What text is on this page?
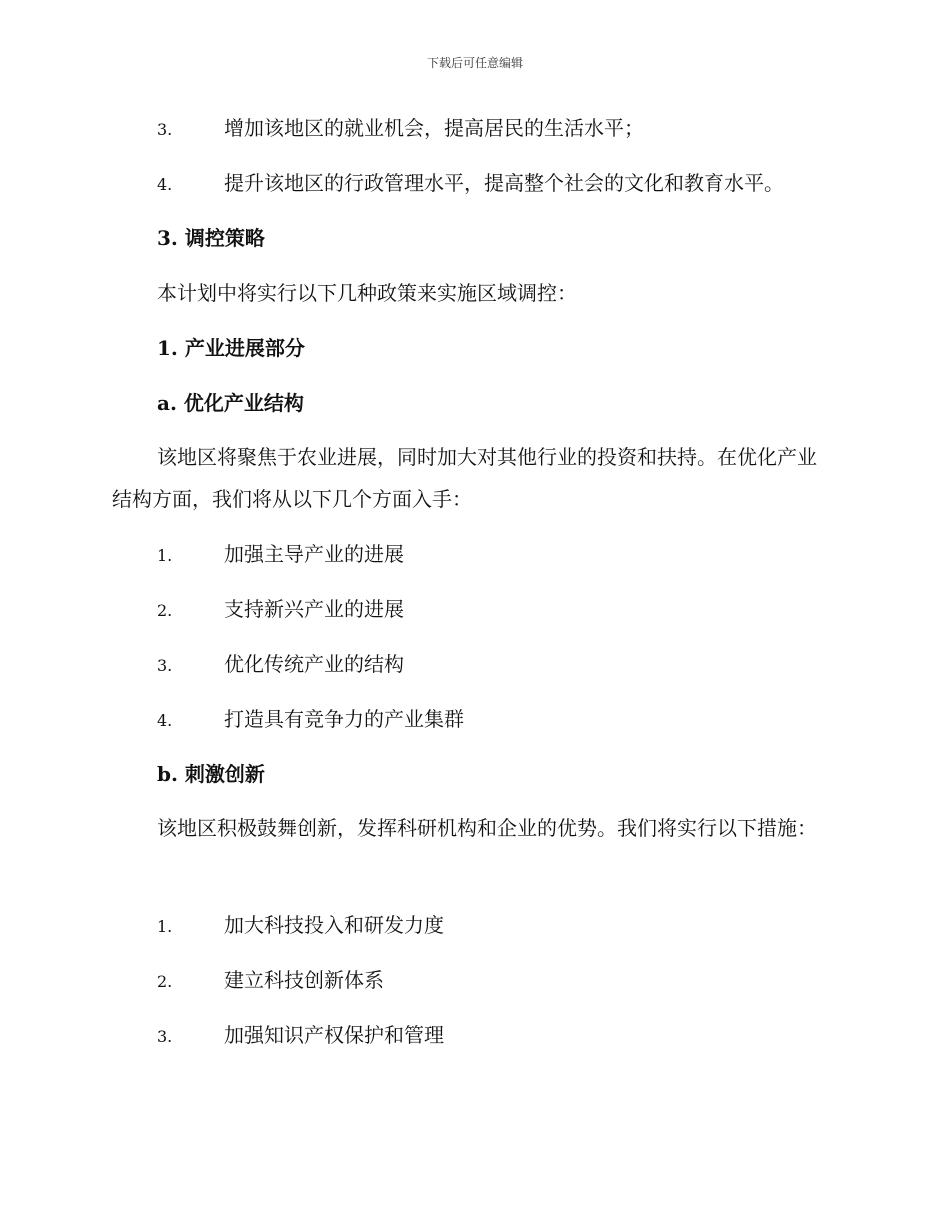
下载后可任意编辑
3.	增加该地区的就业机会，提高居民的生活水平；
4.	提升该地区的行政管理水平，提高整个社会的文化和教育水平。
3. 调控策略
本计划中将实行以下几种政策来实施区域调控：
1. 产业进展部分
a. 优化产业结构
该地区将聚焦于农业进展，同时加大对其他行业的投资和扶持。在优化产业结构方面，我们将从以下几个方面入手：
1.	加强主导产业的进展
2.	支持新兴产业的进展
3.	优化传统产业的结构
4.	打造具有竞争力的产业集群
b. 刺激创新
该地区积极鼓舞创新，发挥科研机构和企业的优势。我们将实行以下措施：
1.	加大科技投入和研发力度
2.	建立科技创新体系
3.	加强知识产权保护和管理
